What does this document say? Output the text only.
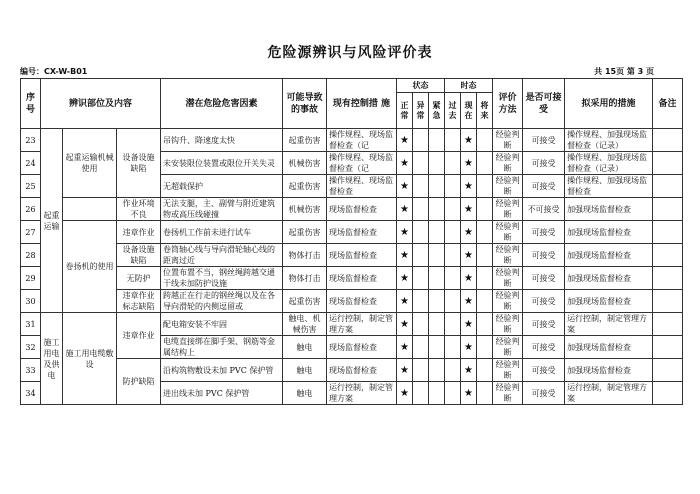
危险源辨识与风险评价表
编号：CX-W-B01	共 15页 第 3 页
序号	辨识部位及内容			潜在危险危害因素	可能导致的事故	现有控制措 施	状态			时态			评价方法	是否可接受	拟采用的措施	备注
							正常	异常	紧急	过去	现在	将来				
23	起重运输	起重运输机械使用	设备设施缺陷	吊钩升、降速度太快	起重伤害	操作规程、现场监督检查（记	★				★		经验判断	可接受	操作规程、加强现场监督检查（记录）	
24				未安装限位装置或限位开关失灵	机械伤害	操作规程、现场监督检查（记	★				★		经验判断	可接受	操作规程、加强现场监督检查（记录）	
25				无超载保护	起重伤害	操作规程、现场监督检查	★				★		经验判断	可接受	操作规程、加强现场监督检查	
26			作业环境不良	无法支腿，主、副臂与附近建筑物或高压线碰撞	机械伤害	现场监督检查	★				★		经验判断	不可接受	加强现场监督检查	
27		卷扬机的使用	违章作业	卷扬机工作前未进行试车	起重伤害	现场监督检查	★				★		经验判断	可接受	加强现场监督检查	
28			设备设施缺陷	卷筒轴心线与导向滑轮轴心线的距离过近	物体打击	现场监督检查	★				★		经验判断	可接受	加强现场监督检查	
29			无防护	位置布置不当，钢丝绳跨越交通干线未加防护设施	物体打击	现场监督检查	★				★		经验判断	可接受	加强现场监督检查	
30			违章作业标志缺陷	跨越正在行走的钢丝绳以及在各导向滑轮的内侧逗留或	起重伤害	现场监督检查	★				★		经验判断	可接受	加强现场监督检查	
31	施工用电及供电	施工用电缆敷设	违章作业	配电箱安装不牢固	触电、机械伤害	运行控制，制定管理方案	★				★		经验判断	可接受	运行控制，制定管理方案	
32				电缆直接绑在脚手架、钢筋等金属结构上	触电	现场监督检查	★				★		经验判断	可接受	加强现场监督检查	
33			防护缺陷	沿构筑物敷设未加 PVC 保护管	触电	现场监督检查	★				★		经验判断	可接受	加强现场监督检查	
34				进出线未加 PVC 保护管	触电	运行控制，制定管理方案	★				★		经验判断	可接受	运行控制，制定管理方案	
